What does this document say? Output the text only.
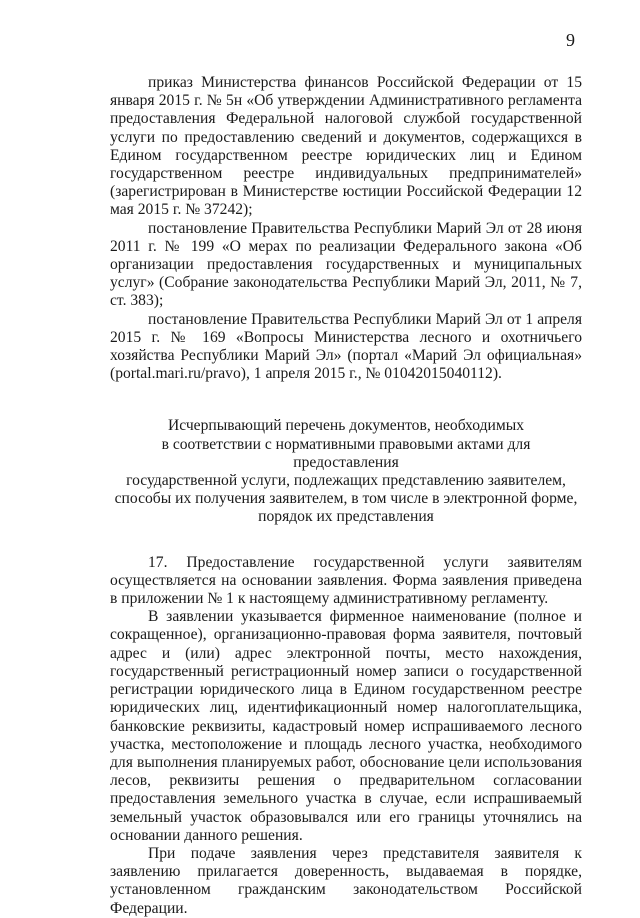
9

приказ Министерства финансов Российской Федерации от 15 января 2015 г. № 5н «Об утверждении Административного регламента предоставления Федеральной налоговой службой государственной услуги по предоставлению сведений и документов, содержащихся в Едином государственном реестре юридических лиц и Едином государственном реестре индивидуальных предпринимателей» (зарегистрирован в Министерстве юстиции Российской Федерации 12 мая 2015 г. № 37242);

постановление Правительства Республики Марий Эл от 28 июня 2011 г. № 199 «О мерах по реализации Федерального закона «Об организации предоставления государственных и муниципальных услуг» (Собрание законодательства Республики Марий Эл, 2011, № 7, ст. 383);

постановление Правительства Республики Марий Эл от 1 апреля 2015 г. № 169 «Вопросы Министерства лесного и охотничьего хозяйства Республики Марий Эл» (портал «Марий Эл официальная» (portal.mari.ru/pravo), 1 апреля 2015 г., № 01042015040112).

Исчерпывающий перечень документов, необходимых

в соответствии с нормативными правовыми актами для предоставления

государственной услуги, подлежащих представлению заявителем,

способы их получения заявителем, в том числе в электронной форме,

порядок их представления

17. Предоставление государственной услуги заявителям осуществляется на основании заявления. Форма заявления приведена в приложении № 1 к настоящему административному регламенту.

В заявлении указывается фирменное наименование (полное и сокращенное), организационно-правовая форма заявителя, почтовый адрес и (или) адрес электронной почты, место нахождения, государственный регистрационный номер записи о государственной регистрации юридического лица в Едином государственном реестре юридических лиц, идентификационный номер налогоплательщика, банковские реквизиты, кадастровый номер испрашиваемого лесного участка, местоположение и площадь лесного участка, необходимого для выполнения планируемых работ, обоснование цели использования лесов, реквизиты решения о предварительном согласовании предоставления земельного участка в случае, если испрашиваемый земельный участок образовывался или его границы уточнялись на основании данного решения.

При подаче заявления через представителя заявителя к заявлению прилагается доверенность, выдаваемая в порядке, установленном гражданским законодательством Российской Федерации.
